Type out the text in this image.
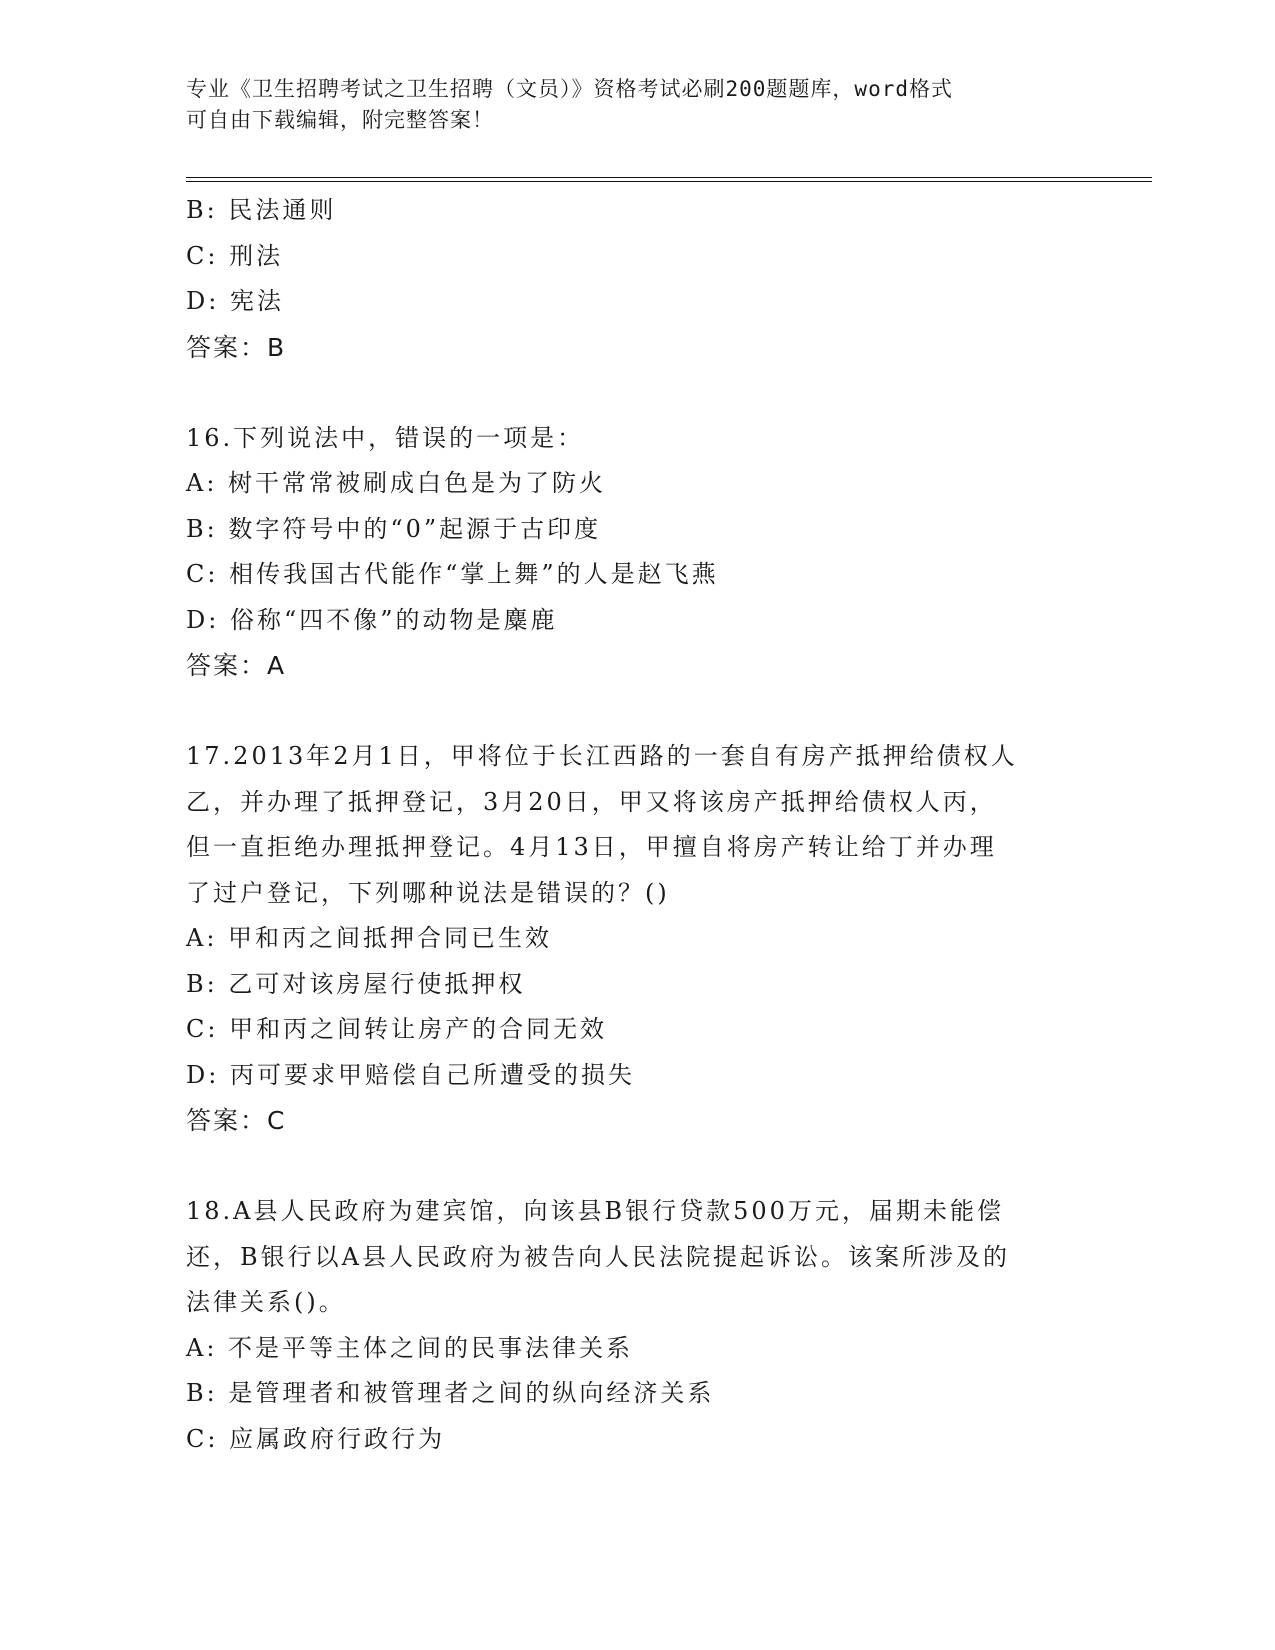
专业《卫生招聘考试之卫生招聘（文员）》资格考试必刷200题题库，word格式
可自由下载编辑，附完整答案！
B: 民法通则
C: 刑法
D: 宪法
答案：B
16.下列说法中，错误的一项是：
A: 树干常常被刷成白色是为了防火
B: 数字符号中的“0”起源于古印度
C: 相传我国古代能作“掌上舞”的人是赵飞燕
D: 俗称“四不像”的动物是麋鹿
答案：A
17.2013年2月1日，甲将位于长江西路的一套自有房产抵押给债权人
乙，并办理了抵押登记，3月20日，甲又将该房产抵押给债权人丙，
但一直拒绝办理抵押登记。4月13日，甲擅自将房产转让给丁并办理
了过户登记，下列哪种说法是错误的？()
A: 甲和丙之间抵押合同已生效
B: 乙可对该房屋行使抵押权
C: 甲和丙之间转让房产的合同无效
D: 丙可要求甲赔偿自己所遭受的损失
答案：C
18.A县人民政府为建宾馆，向该县B银行贷款500万元，届期未能偿
还，B银行以A县人民政府为被告向人民法院提起诉讼。该案所涉及的
法律关系()。
A: 不是平等主体之间的民事法律关系
B: 是管理者和被管理者之间的纵向经济关系
C: 应属政府行政行为
